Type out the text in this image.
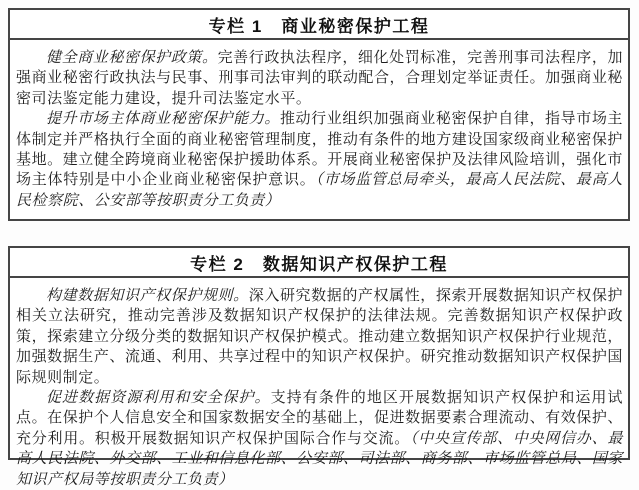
专栏 1　商业秘密保护工程

健全商业秘密保护政策。完善行政执法程序，细化处罚标准，完善刑事司法程序，加强商业秘密行政执法与民事、刑事司法审判的联动配合，合理划定举证责任。加强商业秘密司法鉴定能力建设，提升司法鉴定水平。

提升市场主体商业秘密保护能力。推动行业组织加强商业秘密保护自律，指导市场主体制定并严格执行全面的商业秘密管理制度，推动有条件的地方建设国家级商业秘密保护基地。建立健全跨境商业秘密保护援助体系。开展商业秘密保护及法律风险培训，强化市场主体特别是中小企业商业秘密保护意识。（市场监管总局牵头，最高人民法院、最高人民检察院、公安部等按职责分工负责）

专栏 2　数据知识产权保护工程

构建数据知识产权保护规则。深入研究数据的产权属性，探索开展数据知识产权保护相关立法研究，推动完善涉及数据知识产权保护的法律法规。完善数据知识产权保护政策，探索建立分级分类的数据知识产权保护模式。推动建立数据知识产权保护行业规范，加强数据生产、流通、利用、共享过程中的知识产权保护。研究推动数据知识产权保护国际规则制定。

促进数据资源利用和安全保护。支持有条件的地区开展数据知识产权保护和运用试点。在保护个人信息安全和国家数据安全的基础上，促进数据要素合理流动、有效保护、充分利用。积极开展数据知识产权保护国际合作与交流。（中央宣传部、中央网信办、最高人民法院、外交部、工业和信息化部、公安部、司法部、商务部、市场监管总局、国家知识产权局等按职责分工负责）
